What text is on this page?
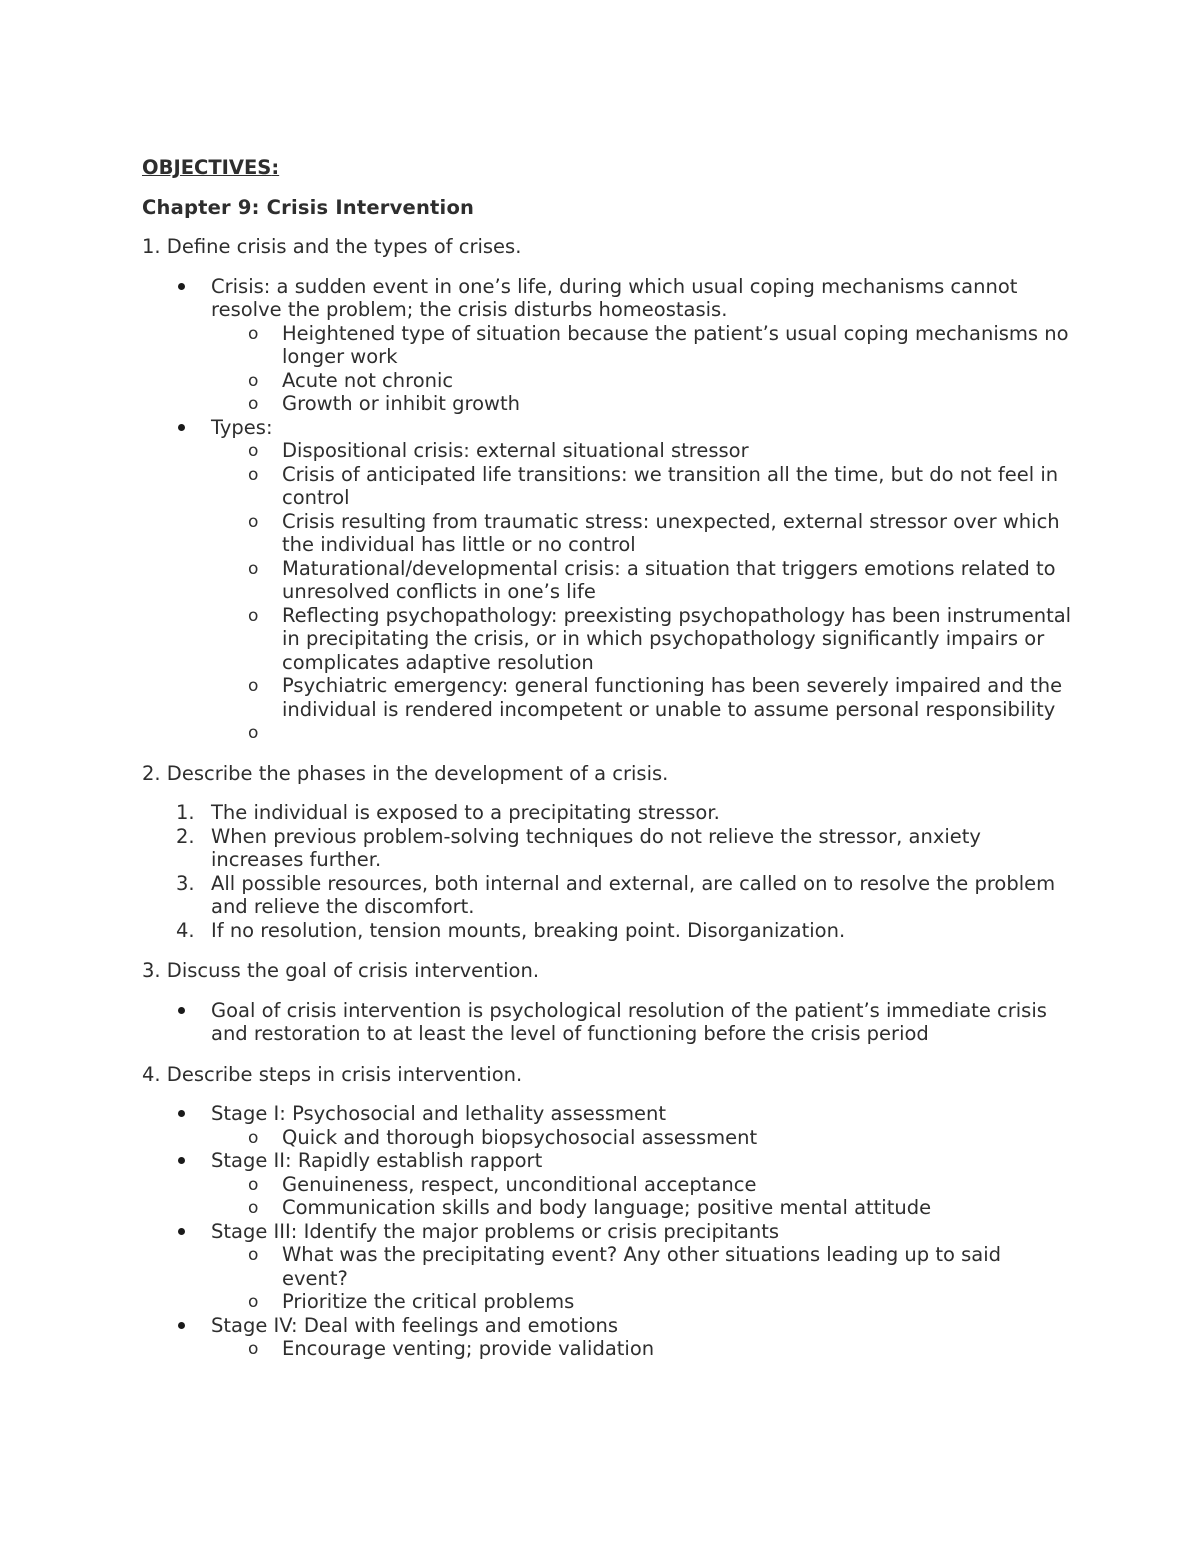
OBJECTIVES:

Chapter 9: Crisis Intervention

1. Define crisis and the types of crises.

Crisis: a sudden event in one’s life, during which usual coping mechanisms cannot resolve the problem; the crisis disturbs homeostasis.
o Heightened type of situation because the patient’s usual coping mechanisms no longer work
o Acute not chronic
o Growth or inhibit growth
Types:
o Dispositional crisis: external situational stressor
o Crisis of anticipated life transitions: we transition all the time, but do not feel in control
o Crisis resulting from traumatic stress: unexpected, external stressor over which the individual has little or no control
o Maturational/developmental crisis: a situation that triggers emotions related to unresolved conflicts in one’s life
o Reflecting psychopathology: preexisting psychopathology has been instrumental in precipitating the crisis, or in which psychopathology significantly impairs or complicates adaptive resolution
o Psychiatric emergency: general functioning has been severely impaired and the individual is rendered incompetent or unable to assume personal responsibility
o

2. Describe the phases in the development of a crisis.

1. The individual is exposed to a precipitating stressor.
2. When previous problem-solving techniques do not relieve the stressor, anxiety increases further.
3. All possible resources, both internal and external, are called on to resolve the problem and relieve the discomfort.
4. If no resolution, tension mounts, breaking point. Disorganization.

3. Discuss the goal of crisis intervention.

Goal of crisis intervention is psychological resolution of the patient’s immediate crisis and restoration to at least the level of functioning before the crisis period

4. Describe steps in crisis intervention.

Stage I: Psychosocial and lethality assessment
o Quick and thorough biopsychosocial assessment
Stage II: Rapidly establish rapport
o Genuineness, respect, unconditional acceptance
o Communication skills and body language; positive mental attitude
Stage III: Identify the major problems or crisis precipitants
o What was the precipitating event? Any other situations leading up to said event?
o Prioritize the critical problems
Stage IV: Deal with feelings and emotions
o Encourage venting; provide validation
